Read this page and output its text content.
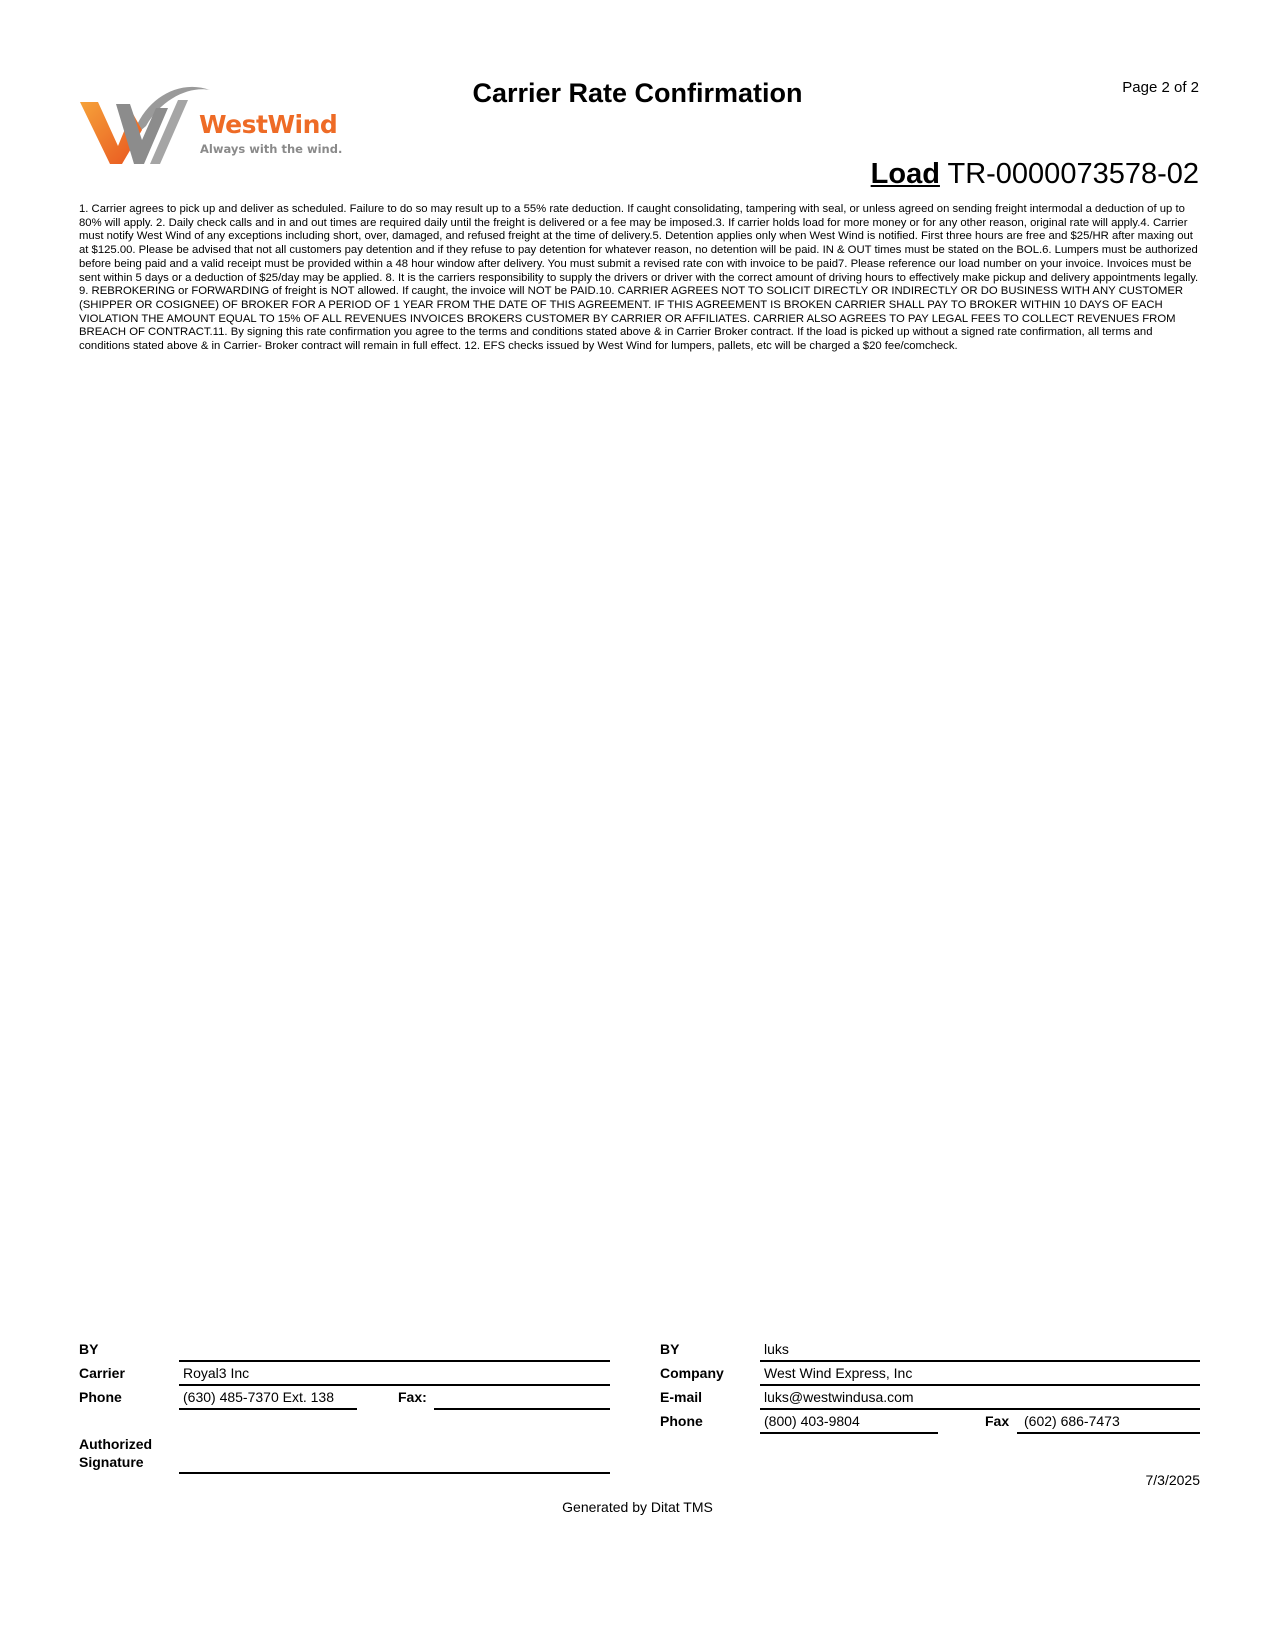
WestWind
Always with the wind.
Carrier Rate Confirmation	Page 2 of 2
Load TR-0000073578-02
1. Carrier agrees to pick up and deliver as scheduled. Failure to do so may result up to a 55% rate deduction. If caught consolidating, tampering with seal, or unless agreed on sending freight intermodal a deduction of up to 80% will apply. 2. Daily check calls and in and out times are required daily until the freight is delivered or a fee may be imposed.3. If carrier holds load for more money or for any other reason, original rate will apply.4. Carrier must notify West Wind of any exceptions including short, over, damaged, and refused freight at the time of delivery.5. Detention applies only when West Wind is notified. First three hours are free and $25/HR after maxing out at $125.00. Please be advised that not all customers pay detention and if they refuse to pay detention for whatever reason, no detention will be paid. IN & OUT times must be stated on the BOL.6. Lumpers must be authorized before being paid and a valid receipt must be provided within a 48 hour window after delivery. You must submit a revised rate con with invoice to be paid7. Please reference our load number on your invoice. Invoices must be sent within 5 days or a deduction of $25/day may be applied. 8. It is the carriers responsibility to supply the drivers or driver with the correct amount of driving hours to effectively make pickup and delivery appointments legally. 9. REBROKERING or FORWARDING of freight is NOT allowed. If caught, the invoice will NOT be PAID.10. CARRIER AGREES NOT TO SOLICIT DIRECTLY OR INDIRECTLY OR DO BUSINESS WITH ANY CUSTOMER (SHIPPER OR COSIGNEE) OF BROKER FOR A PERIOD OF 1 YEAR FROM THE DATE OF THIS AGREEMENT. IF THIS AGREEMENT IS BROKEN CARRIER SHALL PAY TO BROKER WITHIN 10 DAYS OF EACH VIOLATION THE AMOUNT EQUAL TO 15% OF ALL REVENUES INVOICES BROKERS CUSTOMER BY CARRIER OR AFFILIATES. CARRIER ALSO AGREES TO PAY LEGAL FEES TO COLLECT REVENUES FROM BREACH OF CONTRACT.11. By signing this rate confirmation you agree to the terms and conditions stated above & in Carrier Broker contract. If the load is picked up without a signed rate confirmation, all terms and conditions stated above & in Carrier- Broker contract will remain in full effect. 12. EFS checks issued by West Wind for lumpers, pallets, etc will be charged a $20 fee/comcheck.
BY
Carrier	Royal3 Inc
Phone	(630) 485-7370 Ext. 138	Fax:
Authorized
Signature
BY	luks
Company	West Wind Express, Inc
E-mail	luks@westwindusa.com
Phone	(800) 403-9804	Fax (602) 686-7473
7/3/2025
Generated by Ditat TMS
